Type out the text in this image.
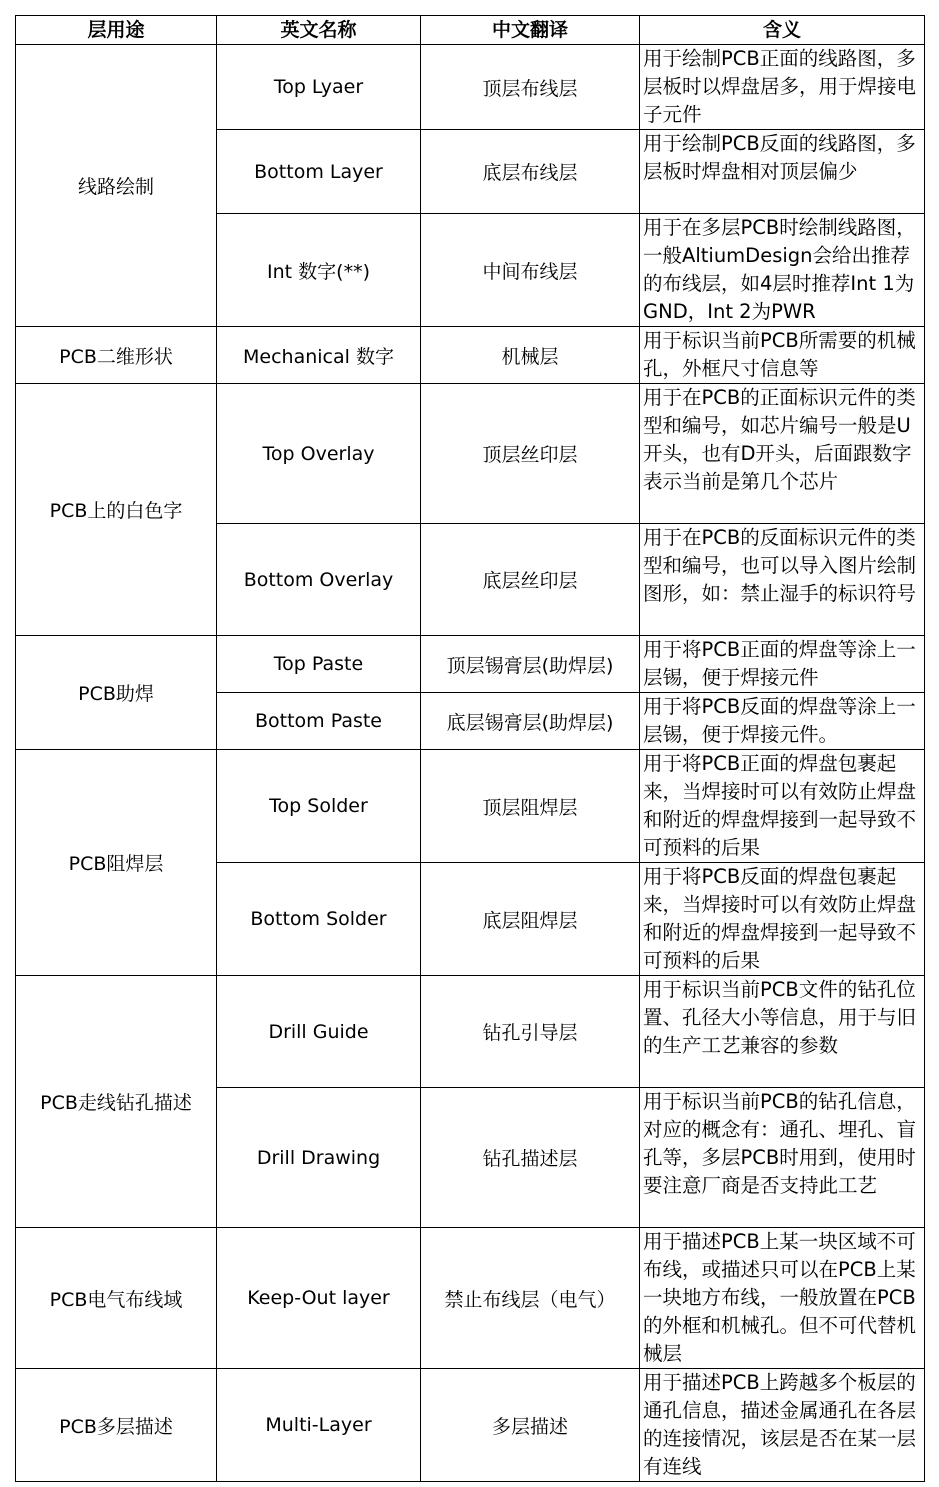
层用途	英文名称	中文翻译	含义
线路绘制	Top Lyaer	顶层布线层	用于绘制PCB正面的线路图，多层板时以焊盘居多，用于焊接电子元件
	Bottom Layer	底层布线层	用于绘制PCB反面的线路图，多层板时焊盘相对顶层偏少
	Int 数字(**)	中间布线层	用于在多层PCB时绘制线路图，一般AltiumDesign会给出推荐的布线层，如4层时推荐Int 1为GND，Int 2为PWR
PCB二维形状	Mechanical 数字	机械层	用于标识当前PCB所需要的机械孔，外框尺寸信息等
PCB上的白色字	Top Overlay	顶层丝印层	用于在PCB的正面标识元件的类型和编号，如芯片编号一般是U开头，也有D开头，后面跟数字表示当前是第几个芯片
	Bottom Overlay	底层丝印层	用于在PCB的反面标识元件的类型和编号，也可以导入图片绘制图形，如：禁止湿手的标识符号
PCB助焊	Top Paste	顶层锡膏层(助焊层)	用于将PCB正面的焊盘等涂上一层锡，便于焊接元件
	Bottom Paste	底层锡膏层(助焊层)	用于将PCB反面的焊盘等涂上一层锡，便于焊接元件。
PCB阻焊层	Top Solder	顶层阻焊层	用于将PCB正面的焊盘包裹起来，当焊接时可以有效防止焊盘和附近的焊盘焊接到一起导致不可预料的后果
	Bottom Solder	底层阻焊层	用于将PCB反面的焊盘包裹起来，当焊接时可以有效防止焊盘和附近的焊盘焊接到一起导致不可预料的后果
PCB走线钻孔描述	Drill Guide	钻孔引导层	用于标识当前PCB文件的钻孔位置、孔径大小等信息，用于与旧的生产工艺兼容的参数
	Drill Drawing	钻孔描述层	用于标识当前PCB的钻孔信息，对应的概念有：通孔、埋孔、盲孔等，多层PCB时用到，使用时要注意厂商是否支持此工艺
PCB电气布线域	Keep-Out layer	禁止布线层（电气）	用于描述PCB上某一块区域不可布线，或描述只可以在PCB上某一块地方布线，一般放置在PCB的外框和机械孔。但不可代替机械层
PCB多层描述	Multi-Layer	多层描述	用于描述PCB上跨越多个板层的通孔信息，描述金属通孔在各层的连接情况，该层是否在某一层有连线
